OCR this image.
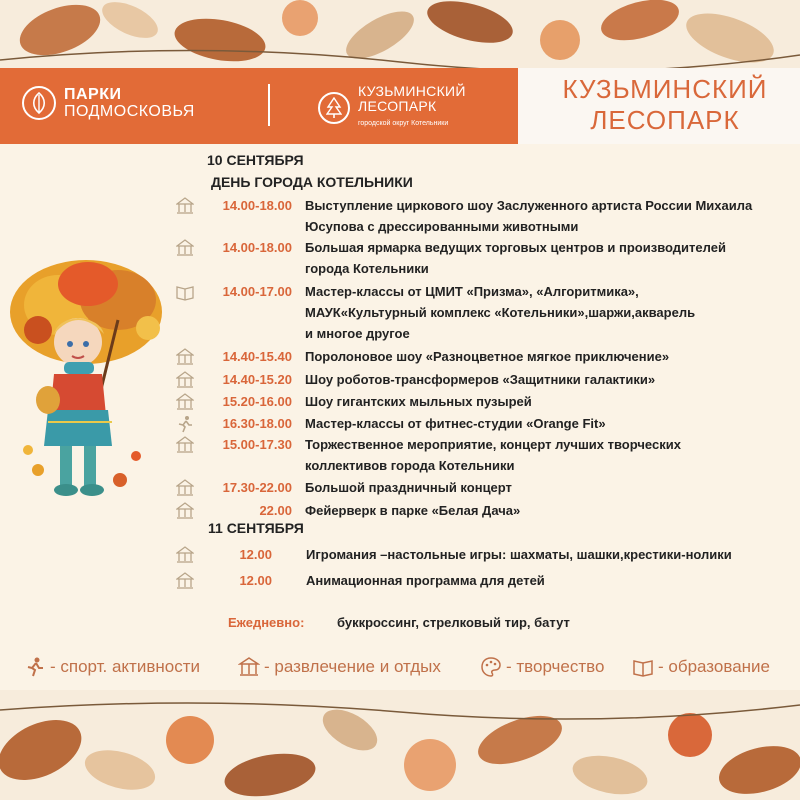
ПАРКИ
ПОДМОСКОВЬЯ
КУЗЬМИНСКИЙ
ЛЕСОПАРК
городской округ Котельники
КУЗЬМИНСКИЙ
ЛЕСОПАРК
10 СЕНТЯБРЯ
ДЕНЬ ГОРОДА КОТЕЛЬНИКИ
14.00-18.00 Выступление циркового шоу Заслуженного артиста России Михаила
Юсупова с дрессированными животными
14.00-18.00 Большая ярмарка ведущих торговых центров и производителей
города Котельники
14.00-17.00 Мастер-классы от ЦМИТ «Призма», «Алгоритмика»,
МАУК«Культурный комплекс «Котельники»,шаржи,акварель
и многое другое
14.40-15.40 Поролоновое шоу «Разноцветное мягкое приключение»
14.40-15.20 Шоу роботов-трансформеров «Защитники галактики»
15.20-16.00 Шоу гигантских мыльных пузырей
16.30-18.00 Мастер-классы от фитнес-студии «Orange Fit»
15.00-17.30 Торжественное мероприятие, концерт лучших творческих
коллективов города Котельники
17.30-22.00 Большой праздничный концерт
22.00 Фейерверк в парке «Белая Дача»
11 СЕНТЯБРЯ
12.00	Игромания –настольные игры: шахматы, шашки,крестики-нолики
12.00	Анимационная программа для детей
Ежедневно:	буккроссинг, стрелковый тир, батут
- спорт. активности	- развлечение и отдых	- творчество	- образование
